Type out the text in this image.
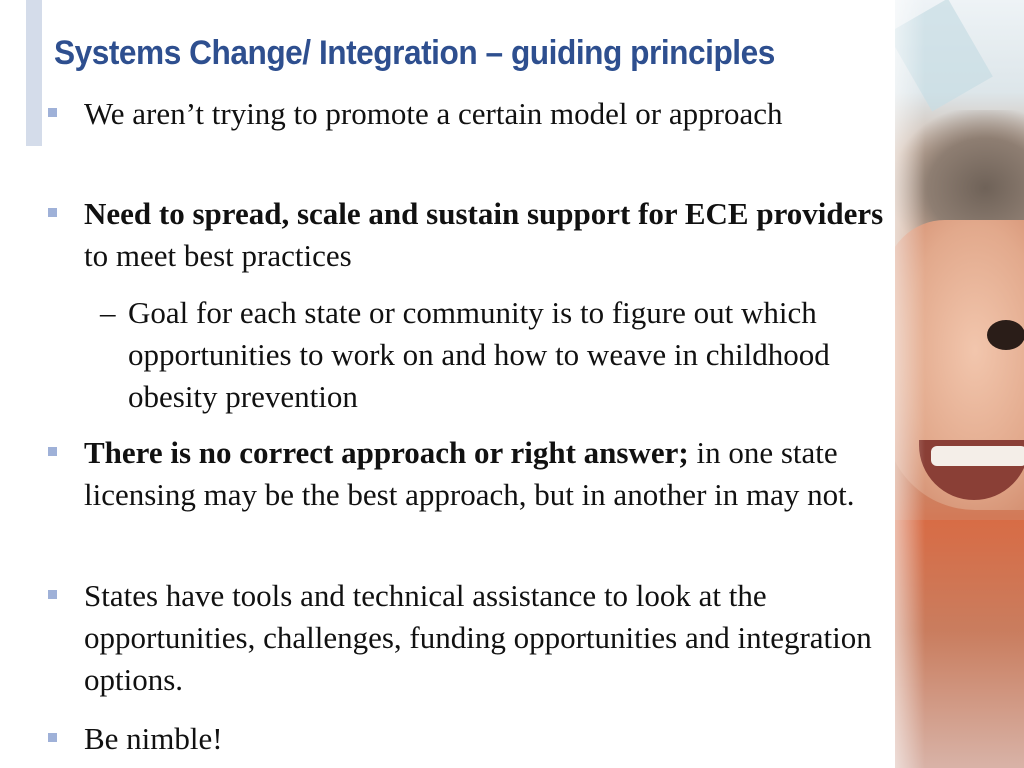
Systems Change/ Integration – guiding principles
We aren’t trying to promote a certain model or approach
Need to spread, scale and sustain support for ECE providers to meet best practices
– Goal for each state or community is to figure out which opportunities to work on and how to weave in childhood obesity prevention
There is no correct approach or right answer; in one state licensing may be the best approach, but in another in may not.
States have tools and technical assistance to look at the opportunities, challenges, funding opportunities and integration options.
Be nimble!
